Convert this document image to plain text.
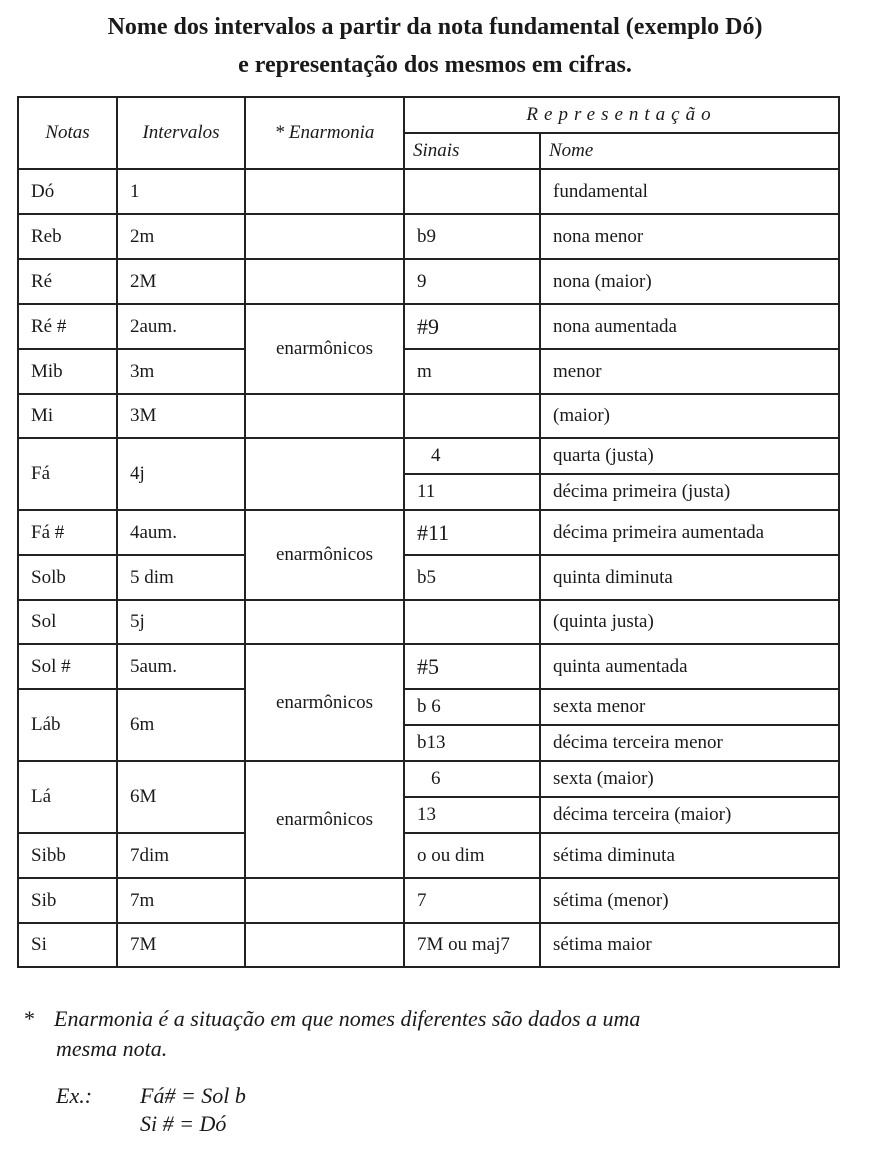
Nome dos intervalos a partir da nota fundamental (exemplo Dó)
e representação dos mesmos em cifras.
Notas	Intervalos	* Enarmonia	Representação	
			Sinais	Nome
Dó	1			fundamental
Reb	2m		b9	nona menor
Ré	2M		9	nona (maior)
Ré #	2aum.	enarmônicos	#9	nona aumentada
Mib	3m		m	menor
Mi	3M			(maior)
Fá	4j		4	quarta (justa)
			11	décima primeira (justa)
Fá #	4aum.	enarmônicos	#11	décima primeira aumentada
Solb	5 dim		b5	quinta diminuta
Sol	5j			(quinta justa)
Sol #	5aum.	enarmônicos	#5	quinta aumentada
Láb	6m		b 6	sexta menor
			b13	décima terceira menor
Lá	6M	enarmônicos	6	sexta (maior)
			13	décima terceira (maior)
Sibb	7dim		o ou dim	sétima diminuta
Sib	7m		7	sétima (menor)
Si	7M		7M ou maj7	sétima maior
* Enarmonia é a situação em que nomes diferentes são dados a uma
mesma nota.
Ex.: Fá# = Sol b
Si # = Dó
